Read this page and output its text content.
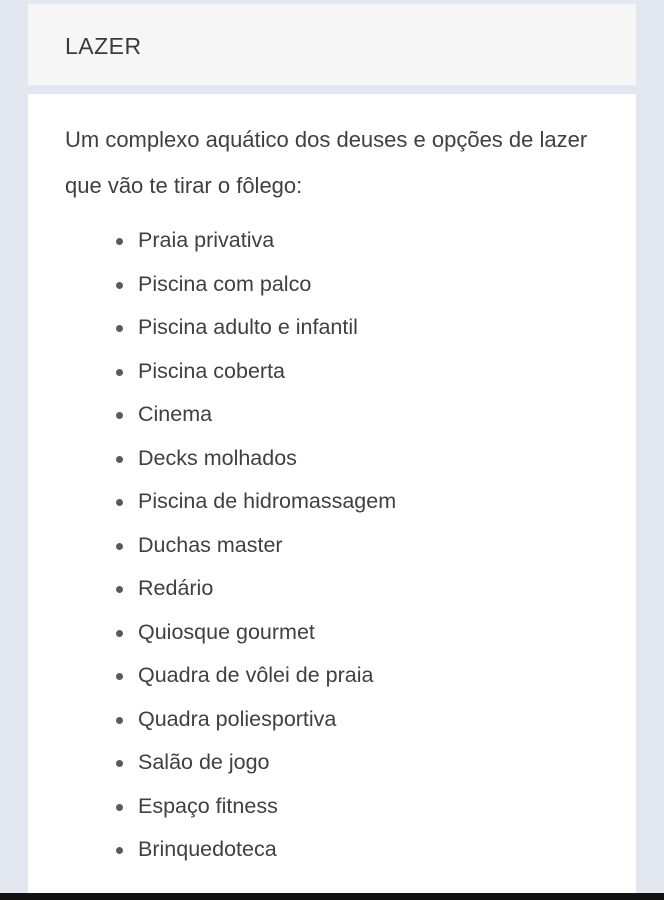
LAZER

Um complexo aquático dos deuses e opções de lazer que vão te tirar o fôlego:

Praia privativa
Piscina com palco
Piscina adulto e infantil
Piscina coberta
Cinema
Decks molhados
Piscina de hidromassagem
Duchas master
Redário
Quiosque gourmet
Quadra de vôlei de praia
Quadra poliesportiva
Salão de jogo
Espaço fitness
Brinquedoteca
